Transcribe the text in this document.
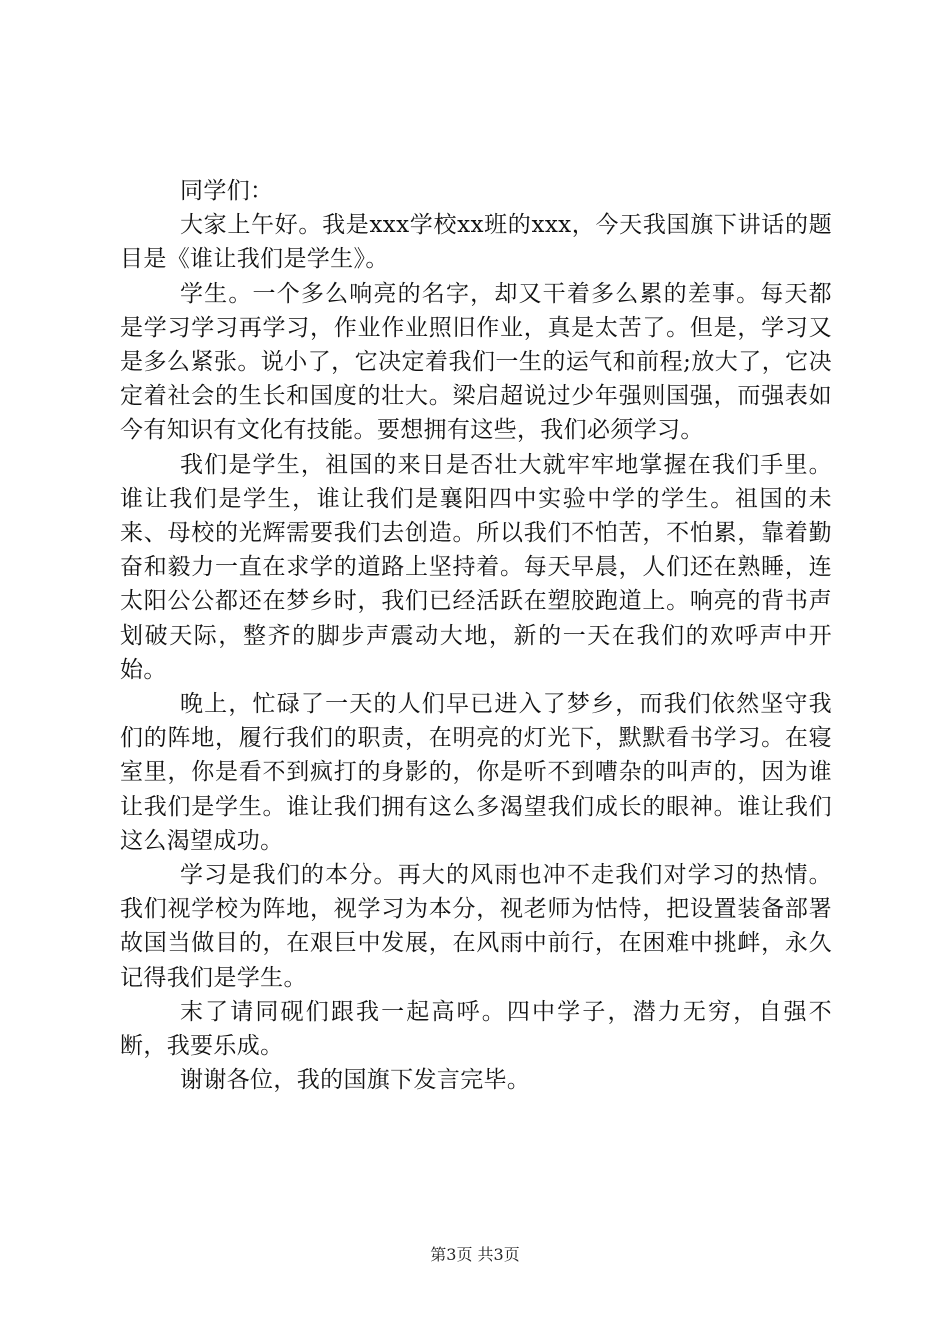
同学们：

大家上午好。我是xxx学校xx班的xxx，今天我国旗下讲话的题目是《谁让我们是学生》。

学生。一个多么响亮的名字，却又干着多么累的差事。每天都是学习学习再学习，作业作业照旧作业，真是太苦了。但是，学习又是多么紧张。说小了，它决定着我们一生的运气和前程;放大了，它决定着社会的生长和国度的壮大。梁启超说过少年强则国强，而强表如今有知识有文化有技能。要想拥有这些，我们必须学习。

我们是学生，祖国的来日是否壮大就牢牢地掌握在我们手里。谁让我们是学生，谁让我们是襄阳四中实验中学的学生。祖国的未来、母校的光辉需要我们去创造。所以我们不怕苦，不怕累，靠着勤奋和毅力一直在求学的道路上坚持着。每天早晨，人们还在熟睡，连太阳公公都还在梦乡时，我们已经活跃在塑胶跑道上。响亮的背书声划破天际，整齐的脚步声震动大地，新的一天在我们的欢呼声中开始。

晚上，忙碌了一天的人们早已进入了梦乡，而我们依然坚守我们的阵地，履行我们的职责，在明亮的灯光下，默默看书学习。在寝室里，你是看不到疯打的身影的，你是听不到嘈杂的叫声的，因为谁让我们是学生。谁让我们拥有这么多渴望我们成长的眼神。谁让我们这么渴望成功。

学习是我们的本分。再大的风雨也冲不走我们对学习的热情。我们视学校为阵地，视学习为本分，视老师为怙恃，把设置装备部署故国当做目的，在艰巨中发展，在风雨中前行，在困难中挑衅，永久记得我们是学生。

末了请同砚们跟我一起高呼。四中学子，潜力无穷，自强不断，我要乐成。

谢谢各位，我的国旗下发言完毕。

第3页 共3页
